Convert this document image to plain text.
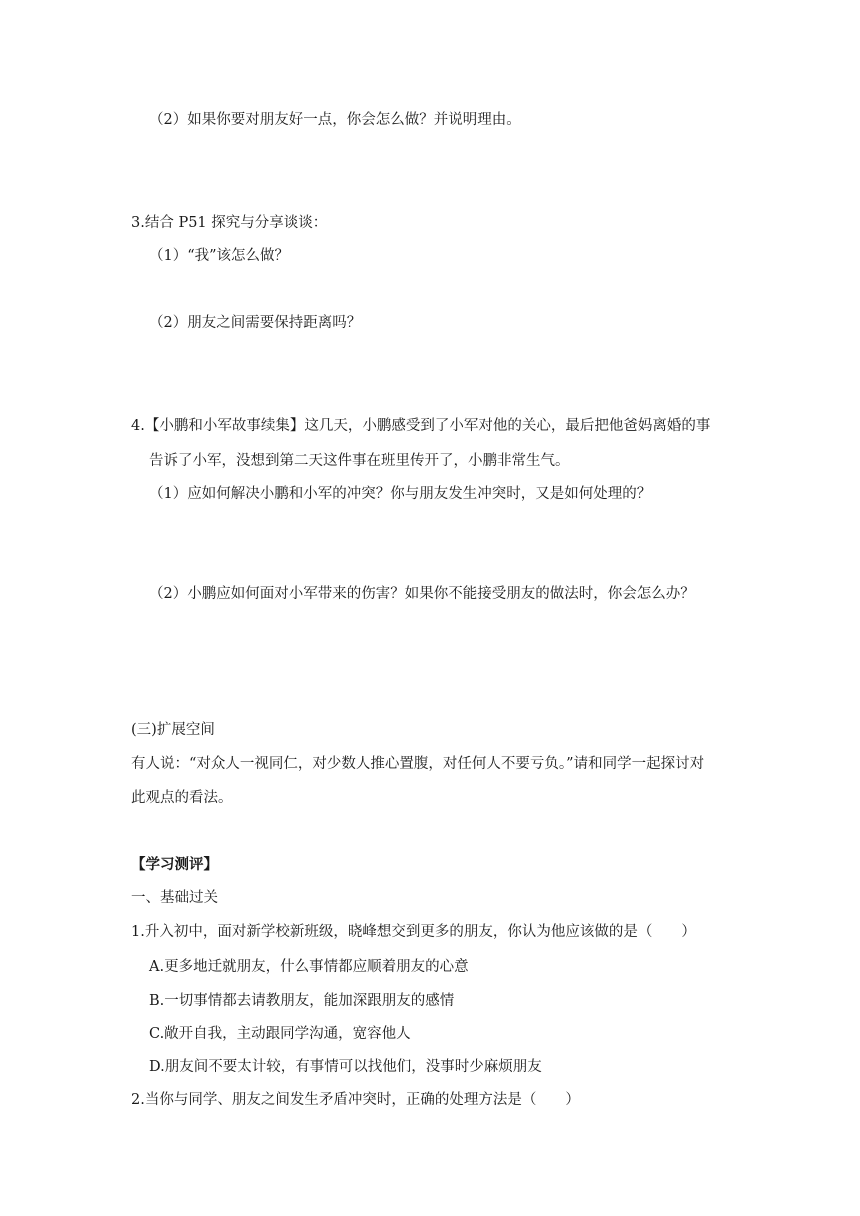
（2）如果你要对朋友好一点，你会怎么做？并说明理由。
3.结合 P51 探究与分享谈谈：
（1）“我”该怎么做？
（2）朋友之间需要保持距离吗？
4.【小鹏和小军故事续集】这几天，小鹏感受到了小军对他的关心，最后把他爸妈离婚的事
告诉了小军，没想到第二天这件事在班里传开了，小鹏非常生气。
（1）应如何解决小鹏和小军的冲突？你与朋友发生冲突时，又是如何处理的？
（2）小鹏应如何面对小军带来的伤害？如果你不能接受朋友的做法时，你会怎么办？
(三)扩展空间
有人说：“对众人一视同仁，对少数人推心置腹，对任何人不要亏负。”请和同学一起探讨对
此观点的看法。
【学习测评】
一、基础过关
1.升入初中，面对新学校新班级，晓峰想交到更多的朋友，你认为他应该做的是（　　）
A.更多地迁就朋友，什么事情都应顺着朋友的心意
B.一切事情都去请教朋友，能加深跟朋友的感情
C.敞开自我，主动跟同学沟通，宽容他人
D.朋友间不要太计较，有事情可以找他们，没事时少麻烦朋友
2.当你与同学、朋友之间发生矛盾冲突时，正确的处理方法是（　　）
